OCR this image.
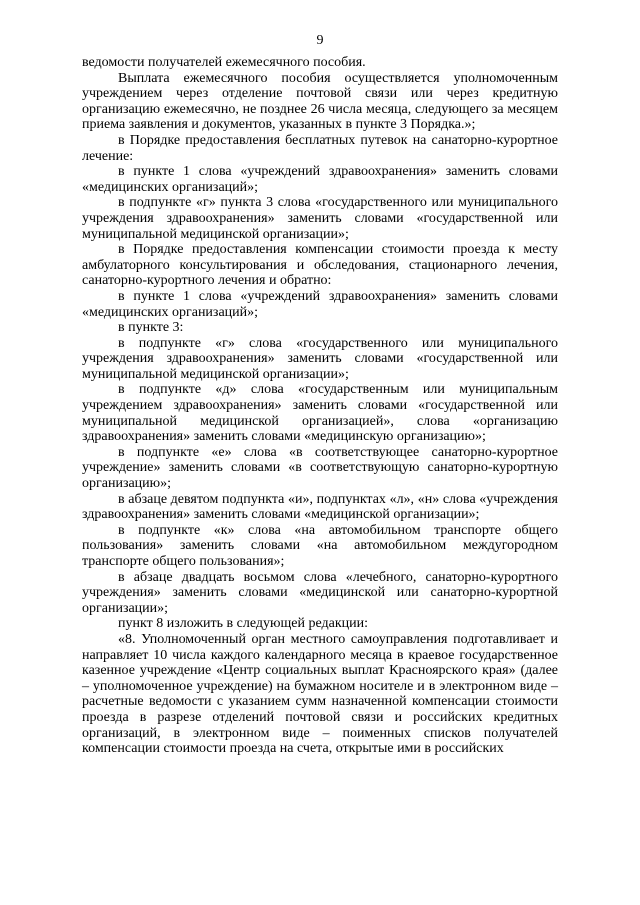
9

ведомости получателей ежемесячного пособия.

Выплата ежемесячного пособия осуществляется уполномоченным учреждением через отделение почтовой связи или через кредитную организацию ежемесячно, не позднее 26 числа месяца, следующего за месяцем приема заявления и документов, указанных в пункте 3 Порядка.»;

в Порядке предоставления бесплатных путевок на санаторно-курортное лечение:

в пункте 1 слова «учреждений здравоохранения» заменить словами «медицинских организаций»;

в подпункте «г» пункта 3 слова «государственного или муниципального учреждения здравоохранения» заменить словами «государственной или муниципальной медицинской организации»;

в Порядке предоставления компенсации стоимости проезда к месту амбулаторного консультирования и обследования, стационарного лечения, санаторно-курортного лечения и обратно:

в пункте 1 слова «учреждений здравоохранения» заменить словами «медицинских организаций»;

в пункте 3:

в подпункте «г» слова «государственного или муниципального учреждения здравоохранения» заменить словами «государственной или муниципальной медицинской организации»;

в подпункте «д» слова «государственным или муниципальным учреждением здравоохранения» заменить словами «государственной или муниципальной медицинской организацией», слова «организацию здравоохранения» заменить словами «медицинскую организацию»;

в подпункте «е» слова «в соответствующее санаторно-курортное учреждение» заменить словами «в соответствующую санаторно-курортную организацию»;

в абзаце девятом подпункта «и», подпунктах «л», «н» слова «учреждения здравоохранения» заменить словами «медицинской организации»;

в подпункте «к» слова «на автомобильном транспорте общего пользования» заменить словами «на автомобильном междугородном транспорте общего пользования»;

в абзаце двадцать восьмом слова «лечебного, санаторно-курортного учреждения» заменить словами «медицинской или санаторно-курортной организации»;

пункт 8 изложить в следующей редакции:

«8. Уполномоченный орган местного самоуправления подготавливает и направляет 10 числа каждого календарного месяца в краевое государственное казенное учреждение «Центр социальных выплат Красноярского края» (далее – уполномоченное учреждение) на бумажном носителе и в электронном виде – расчетные ведомости с указанием сумм назначенной компенсации стоимости проезда в разрезе отделений почтовой связи и российских кредитных организаций, в электронном виде – поименных списков получателей компенсации стоимости проезда на счета, открытые ими в российских
